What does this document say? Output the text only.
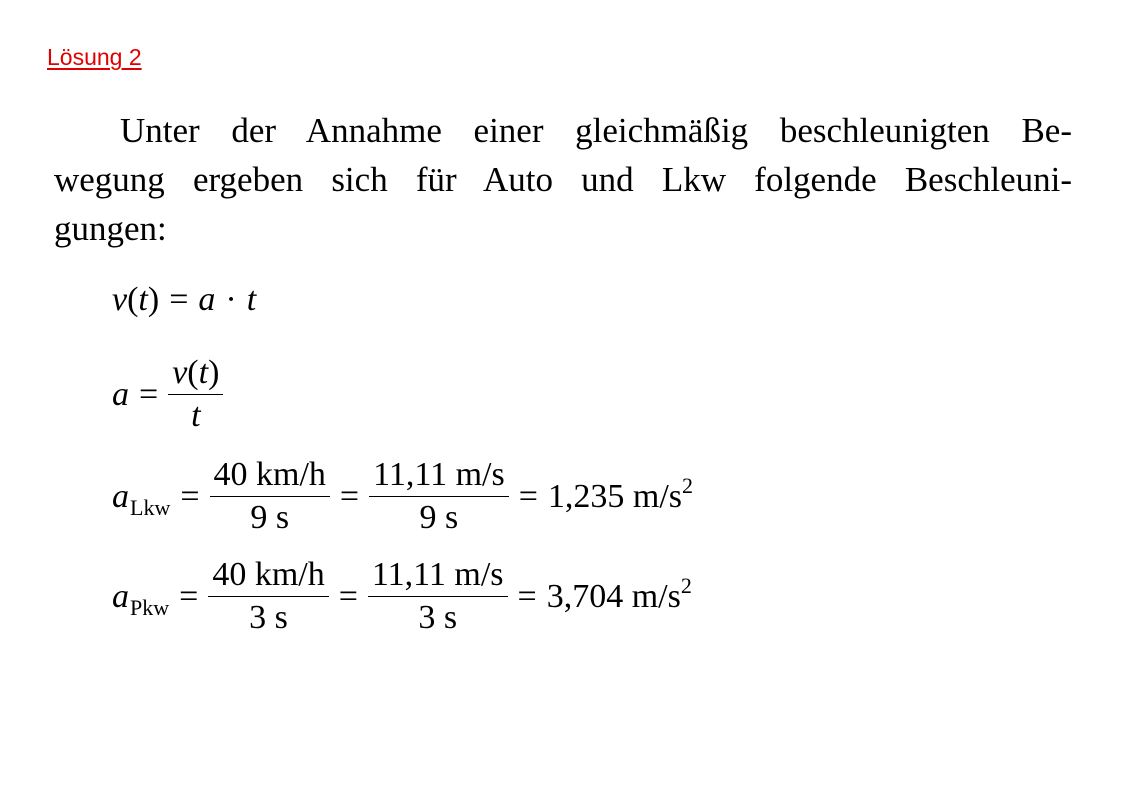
Lösung 2
Unter der Annahme einer gleichmäßig beschleunigten Be-
wegung ergeben sich für Auto und Lkw folgende Beschleuni-
gungen:
v ( t ) = a · t
$a = \frac{v(t)}{t}$
$a_{Lkw} = \frac{40 km/h}{9 s} = \frac{11,11 m/s}{9 s} = 1,235$ $m/s^2$
$a_{Pkw} = \frac{40 km/h}{3 s} = \frac{11,11 m/s}{3 s} = 3,704$ $m/s^2$
